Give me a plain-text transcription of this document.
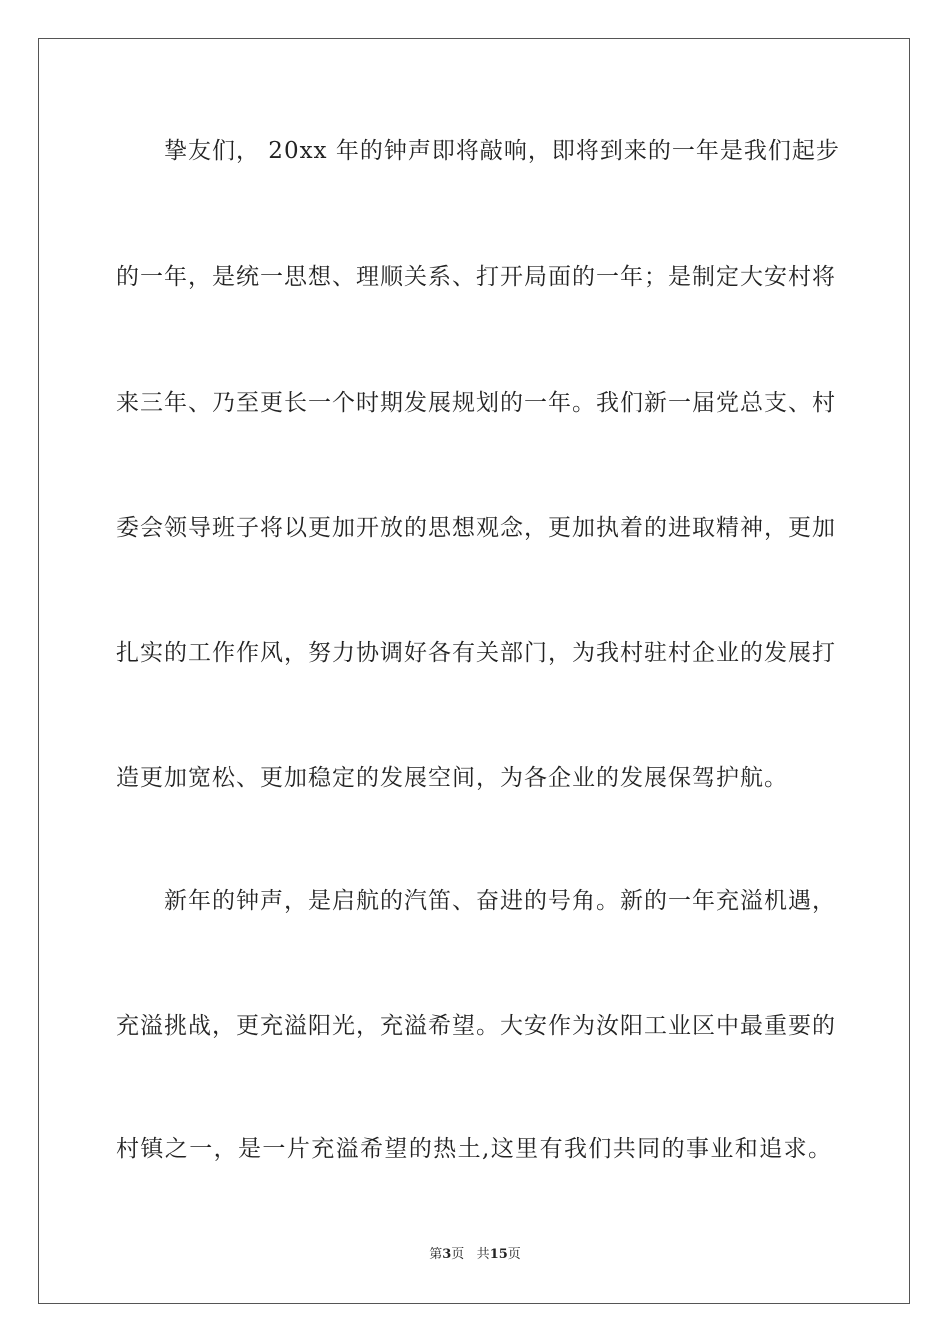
挚友们， 20xx 年的钟声即将敲响，即将到来的一年是我们起步
的一年，是统一思想、理顺关系、打开局面的一年；是制定大安村将
来三年、乃至更长一个时期发展规划的一年。我们新一届党总支、村
委会领导班子将以更加开放的思想观念，更加执着的进取精神，更加
扎实的工作作风，努力协调好各有关部门，为我村驻村企业的发展打
造更加宽松、更加稳定的发展空间，为各企业的发展保驾护航。
新年的钟声，是启航的汽笛、奋进的号角。新的一年充溢机遇，
充溢挑战，更充溢阳光，充溢希望。大安作为汝阳工业区中最重要的
村镇之一，是一片充溢希望的热土,这里有我们共同的事业和追求。
第3页 共15页
